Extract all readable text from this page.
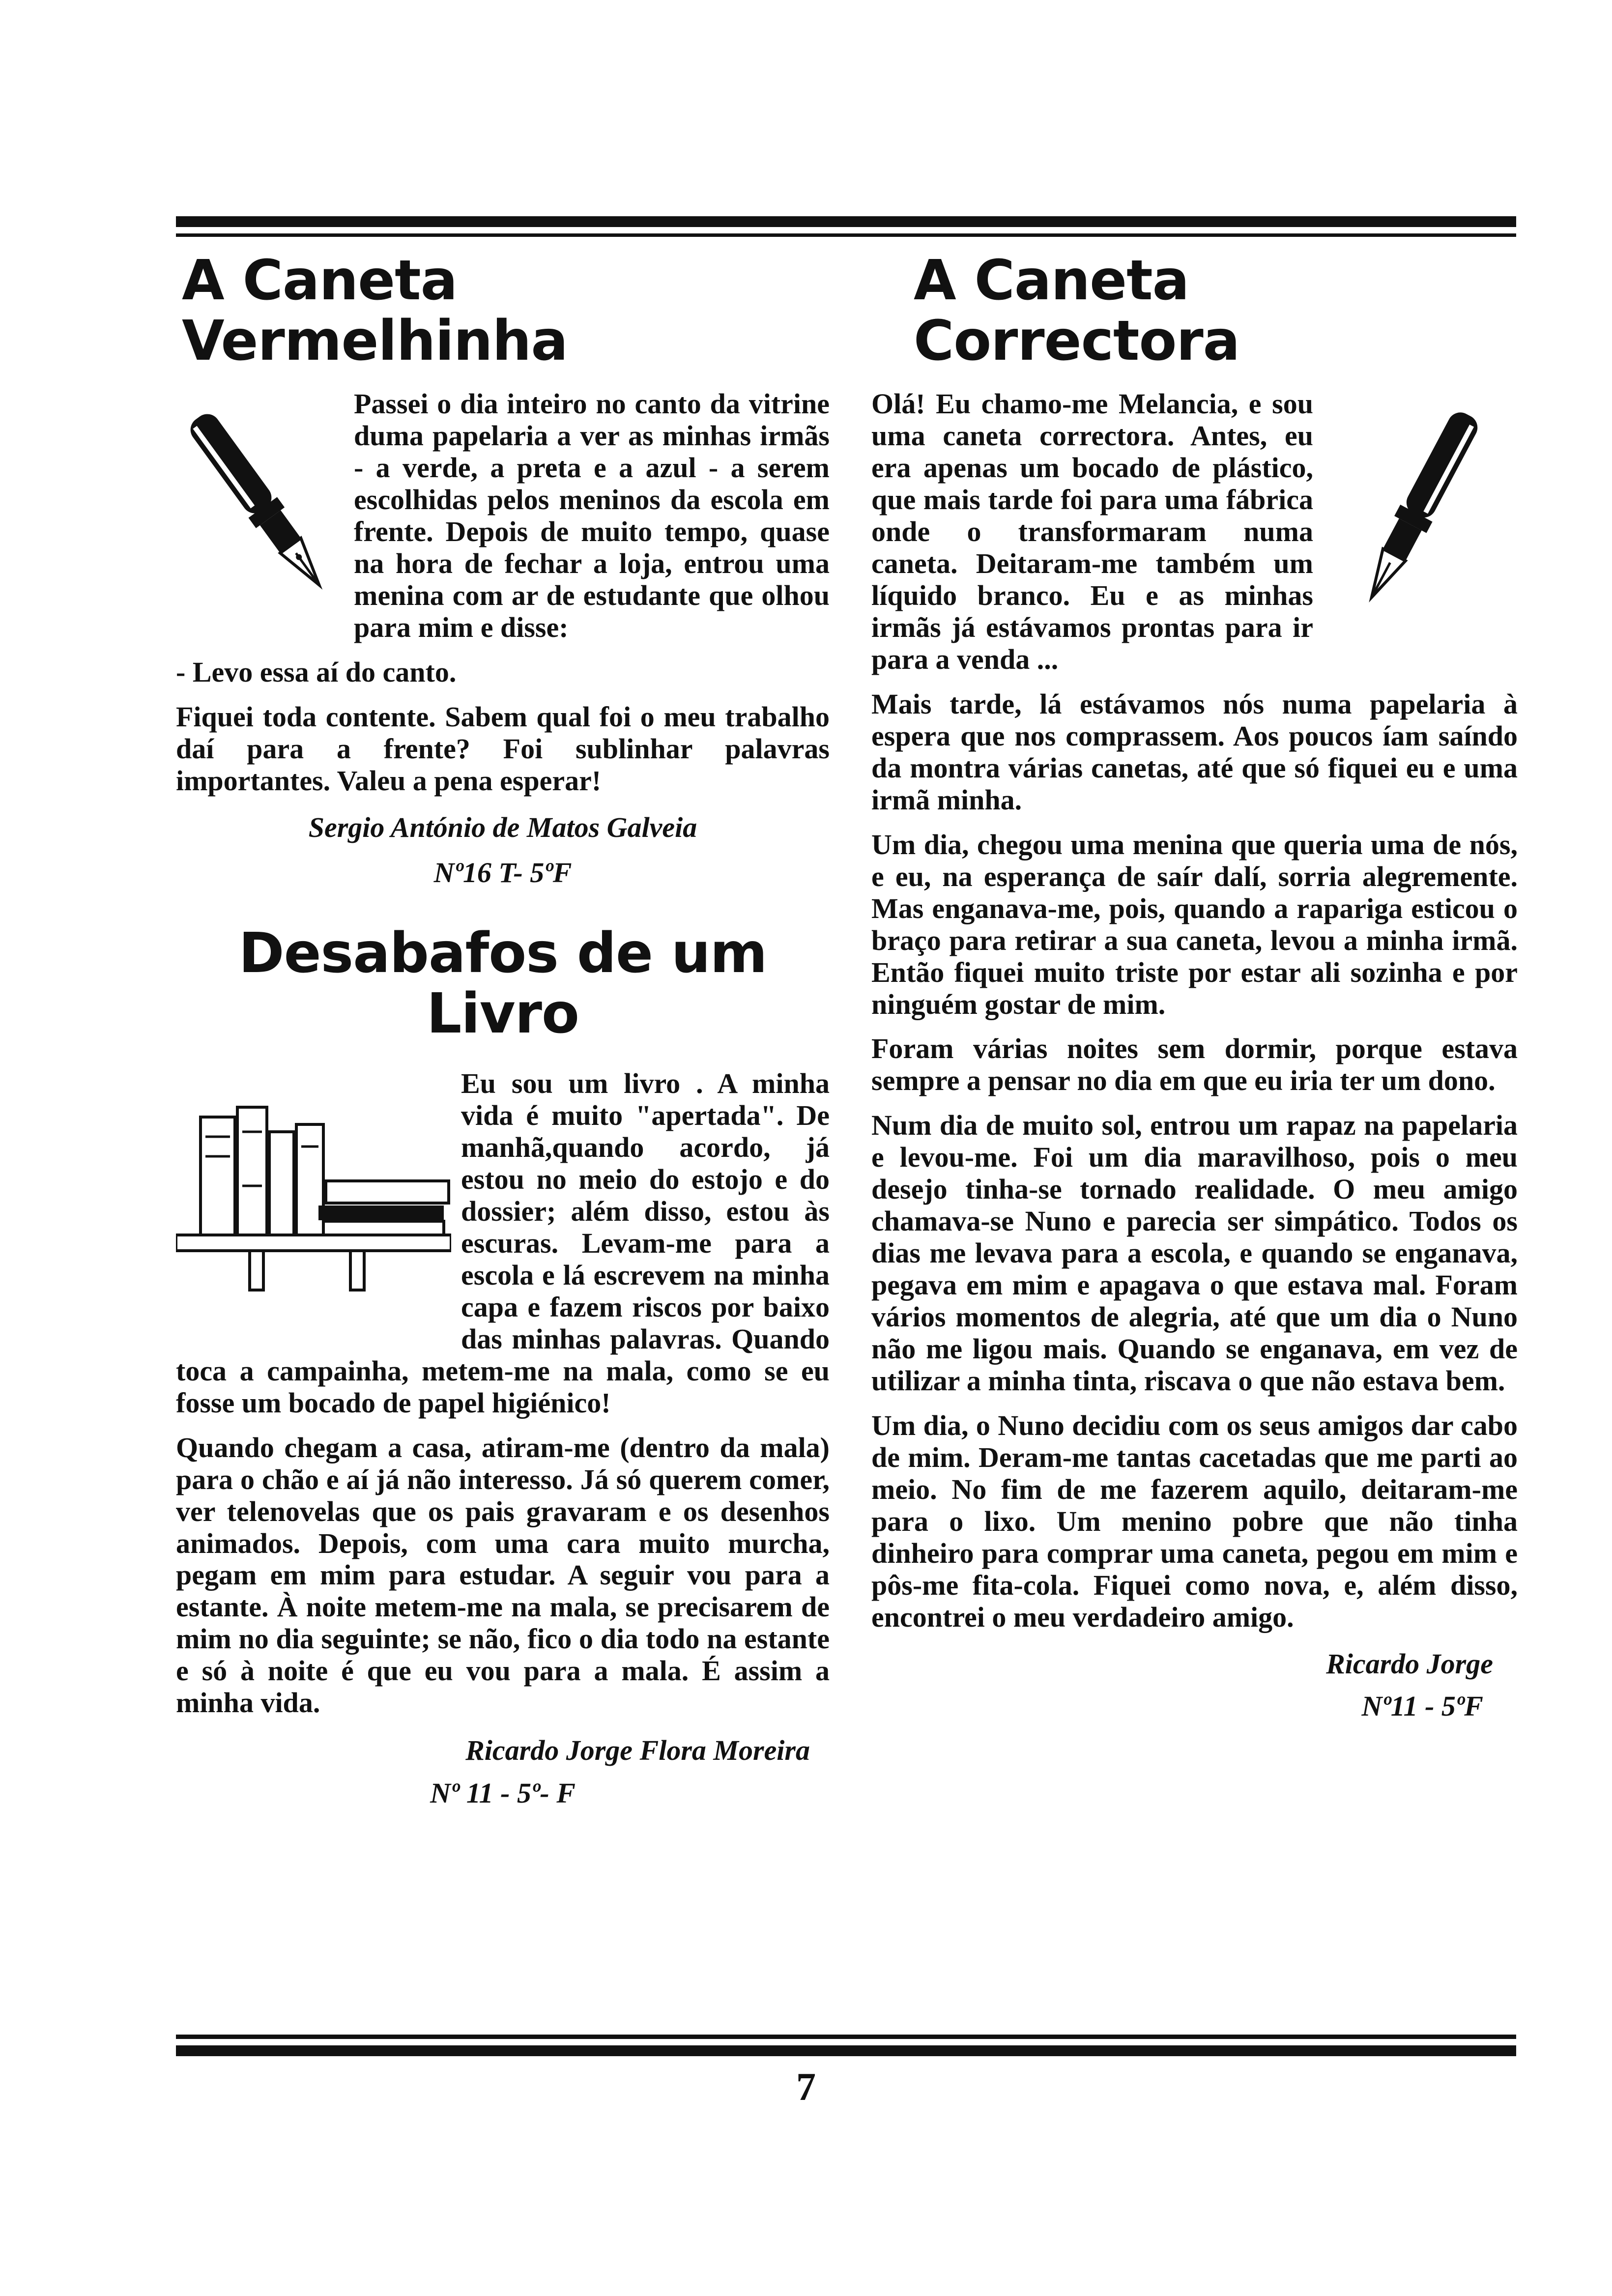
A Caneta Vermelhinha

Passei o dia inteiro no canto da vitrine duma papelaria a ver as minhas irmãs - a verde, a preta e a azul - a serem escolhidas pelos meninos da escola em frente. Depois de muito tempo, quase na hora de fechar a loja, entrou uma menina com ar de estudante que olhou para mim e disse:

- Levo essa aí do canto.

Fiquei toda contente. Sabem qual foi o meu trabalho daí para a frente? Foi sublinhar palavras importantes. Valeu a pena esperar!

Sergio António de Matos Galveia

Nº16 T- 5ºF

Desabafos de um
Livro

Eu sou um livro . A minha vida é muito "apertada". De manhã,quando acordo, já estou no meio do estojo e do dossier; além disso, estou às escuras. Levam-me para a escola e lá escrevem na minha capa e fazem riscos por baixo das minhas palavras. Quando toca a campainha, metem-me na mala, como se eu fosse um bocado de papel higiénico!

Quando chegam a casa, atiram-me (dentro da mala) para o chão e aí já não interesso. Já só querem comer, ver telenovelas que os pais gravaram e os desenhos animados. Depois, com uma cara muito murcha, pegam em mim para estudar. A seguir vou para a estante. À noite metem-me na mala, se precisarem de mim no dia seguinte; se não, fico o dia todo na estante e só à noite é que eu vou para a mala. É assim a minha vida.

Ricardo Jorge Flora Moreira

Nº 11 - 5º- F

A Caneta Correctora

Olá! Eu chamo-me Melancia, e sou uma caneta correctora. Antes, eu era apenas um bocado de plástico, que mais tarde foi para uma fábrica onde o transformaram numa caneta. Deitaram-me também um líquido branco. Eu e as minhas irmãs já estávamos prontas para ir para a venda ...

Mais tarde, lá estávamos nós numa papelaria à espera que nos comprassem. Aos poucos íam saíndo da montra várias canetas, até que só fiquei eu e uma irmã minha.

Um dia, chegou uma menina que queria uma de nós, e eu, na esperança de saír dalí, sorria alegremente. Mas enganava-me, pois, quando a rapariga esticou o braço para retirar a sua caneta, levou a minha irmã. Então fiquei muito triste por estar ali sozinha e por ninguém gostar de mim.

Foram várias noites sem dormir, porque estava sempre a pensar no dia em que eu iria ter um dono.

Num dia de muito sol, entrou um rapaz na papelaria e levou-me. Foi um dia maravilhoso, pois o meu desejo tinha-se tornado realidade. O meu amigo chamava-se Nuno e parecia ser simpático. Todos os dias me levava para a escola, e quando se enganava, pegava em mim e apagava o que estava mal. Foram vários momentos de alegria, até que um dia o Nuno não me ligou mais. Quando se enganava, em vez de utilizar a minha tinta, riscava o que não estava bem.

Um dia, o Nuno decidiu com os seus amigos dar cabo de mim. Deram-me tantas cacetadas que me parti ao meio. No fim de me fazerem aquilo, deitaram-me para o lixo. Um menino pobre que não tinha dinheiro para comprar uma caneta, pegou em mim e pôs-me fita-cola. Fiquei como nova, e, além disso, encontrei o meu verdadeiro amigo.

Ricardo Jorge

Nº11 - 5ºF

7
